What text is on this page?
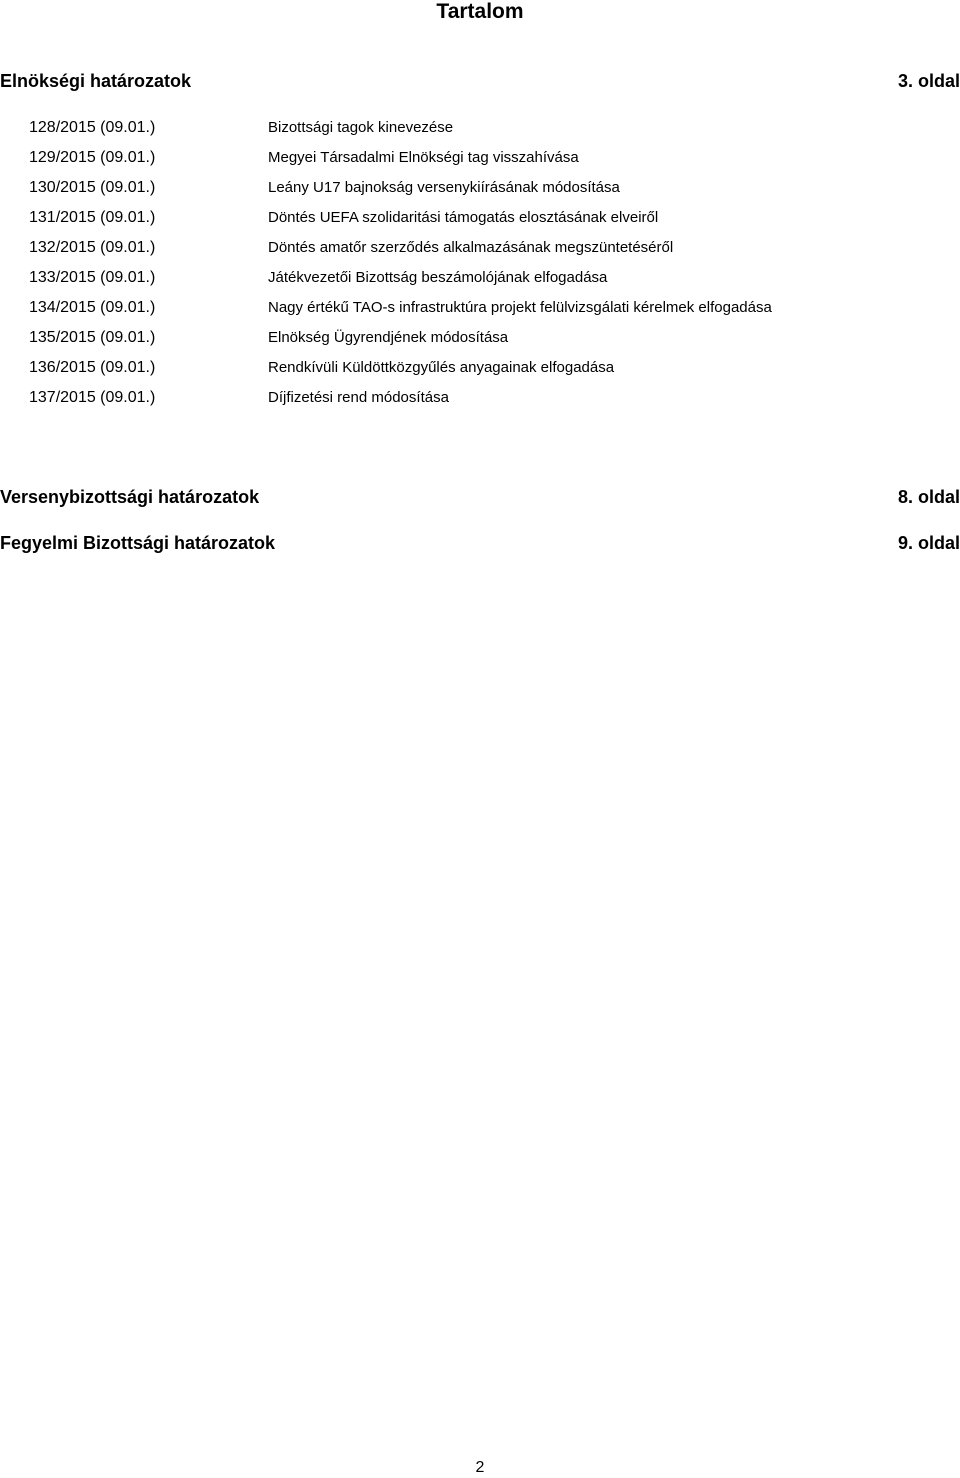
Tartalom
Elnökségi határozatok	3. oldal
128/2015 (09.01.)	Bizottsági tagok kinevezése
129/2015 (09.01.)	Megyei Társadalmi Elnökségi tag visszahívása
130/2015 (09.01.)	Leány U17 bajnokság versenykiírásának módosítása
131/2015 (09.01.)	Döntés UEFA szolidaritási támogatás elosztásának elveiről
132/2015 (09.01.)	Döntés amatőr szerződés alkalmazásának megszüntetéséről
133/2015 (09.01.)	Játékvezetői Bizottság beszámolójának elfogadása
134/2015 (09.01.)	Nagy értékű TAO-s infrastruktúra projekt felülvizsgálati kérelmek elfogadása
135/2015 (09.01.)	Elnökség Ügyrendjének módosítása
136/2015 (09.01.)	Rendkívüli Küldöttközgyűlés anyagainak elfogadása
137/2015 (09.01.)	Díjfizetési rend módosítása
Versenybizottsági határozatok	8. oldal
Fegyelmi Bizottsági határozatok	9. oldal
2
